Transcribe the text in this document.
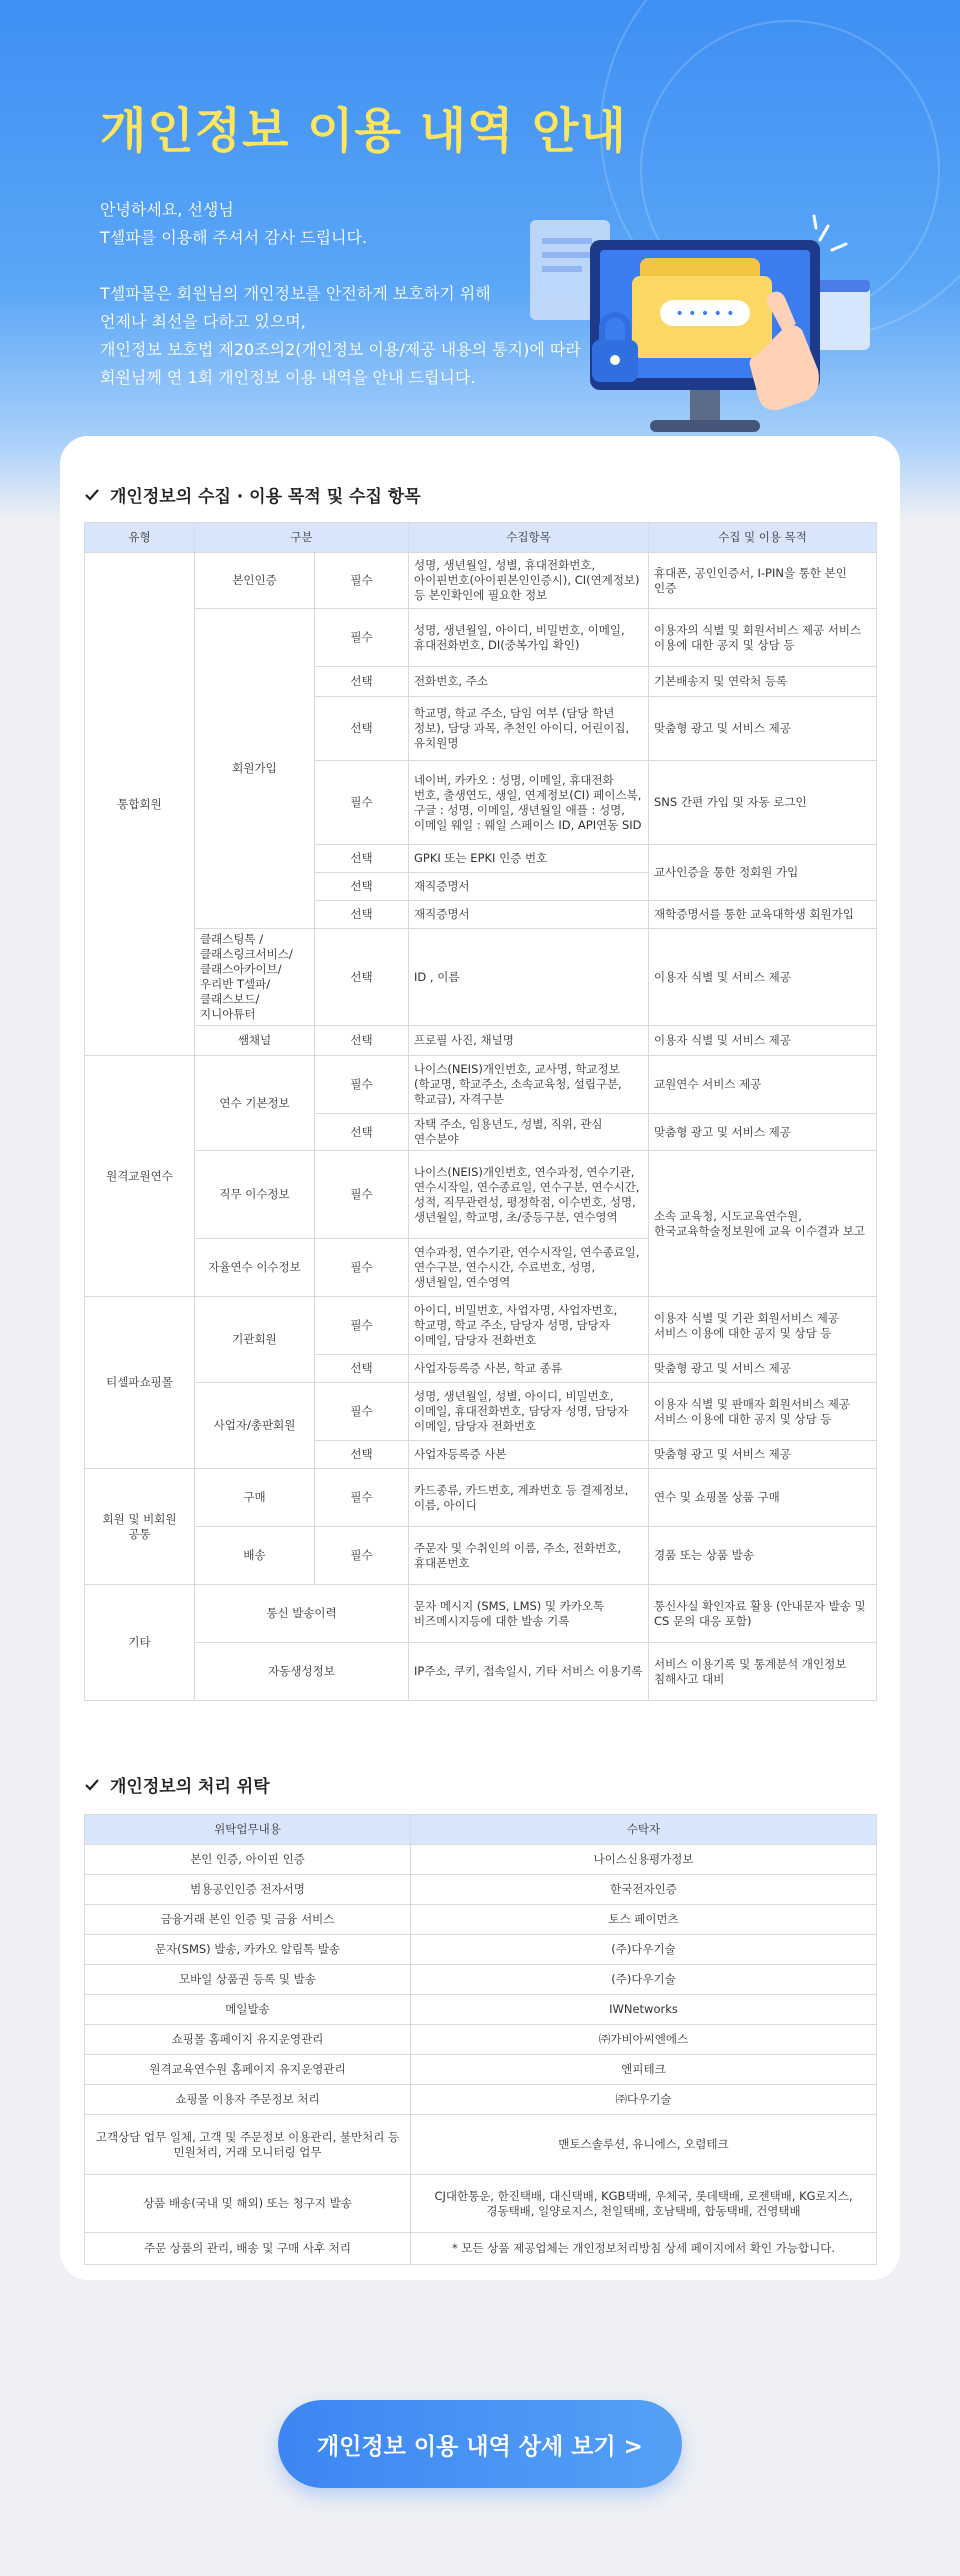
개인정보 이용 내역 안내

안녕하세요, 선생님

T셀파를 이용해 주셔서 감사 드립니다.

T셀파몰은 회원님의 개인정보를 안전하게 보호하기 위해

언제나 최선을 다하고 있으며,

개인정보 보호법 제20조의2(개인정보 이용/제공 내용의 통지)에 따라

회원님께 연 1회 개인정보 이용 내역을 안내 드립니다.

• • • • •
개인정보의 수집 · 이용 목적 및 수집 항목
유형	구분		수집항목	수집 및 이용 목적
통합회원	본인인증	필수	성명, 생년월일, 성별, 휴대전화번호, 아이핀번호(아이핀본인인증시), CI(연계정보) 등 본인확인에 필요한 정보	휴대폰, 공인인증서, I-PIN을 통한 본인 인증
	회원가입	필수	성명, 생년월일, 아이디, 비밀번호, 이메일, 휴대전화번호, DI(중복가입 확인)	이용자의 식별 및 회원서비스 제공 서비스 이용에 대한 공지 및 상담 등
		선택	전화번호, 주소	기본배송지 및 연락처 등록
		선택	학교명, 학교 주소, 담임 여부 (담당 학년 정보), 담당 과목, 추천인 아이디, 어린이집, 유치원명	맞춤형 광고 및 서비스 제공
		필수	네이버, 카카오 : 성명, 이메일, 휴대전화 번호, 출생연도, 생일, 연계정보(CI) 페이스북, 구글 : 성명, 이메일, 생년월일 애플 : 성명, 이메일 웨일 : 웨일 스페이스 ID, API연동 SID	SNS 간편 가입 및 자동 로그인
		선택	GPKI 또는 EPKI 인증 번호	교사인증을 통한 정회원 가입
		선택	재직증명서	
		선택	재직증명서	재학증명서를 통한 교육대학생 회원가입
	클래스팅톡 / 클래스링크서비스/클래스아카이브/우리반 T셀파/클래스보드/ 지니아튜터	선택	ID , 이름	이용자 식별 및 서비스 제공
	쌤채널	선택	프로필 사진, 채널명	이용자 식별 및 서비스 제공
원격교원연수	연수 기본정보	필수	나이스(NEIS)개인번호, 교사명, 학교정보 (학교명, 학교주소, 소속교육청, 설립구분, 학교급), 자격구분	교원연수 서비스 제공
		선택	자택 주소, 임용년도, 성별, 직위, 관심 연수분야	맞춤형 광고 및 서비스 제공
	직무 이수정보	필수	나이스(NEIS)개인번호, 연수과정, 연수기관, 연수시작일, 연수종료일, 연수구분, 연수시간, 성적, 직무관련성, 평정학점, 이수번호, 성명, 생년월일, 학교명, 초/중등구분, 연수영역	소속 교육청, 시도교육연수원, 한국교육학술정보원에 교육 이수결과 보고
	자율연수 이수정보	필수	연수과정, 연수기관, 연수시작일, 연수종료일, 연수구분, 연수시간, 수료번호, 성명, 생년월일, 연수영역	
티셀파쇼핑몰	기관회원	필수	아이디, 비밀번호, 사업자명, 사업자번호, 학교명, 학교 주소, 담당자 성명, 담당자 이메일, 담당자 전화번호	이용자 식별 및 기관 회원서비스 제공 서비스 이용에 대한 공지 및 상담 등
		선택	사업자등록증 사본, 학교 종류	맞춤형 광고 및 서비스 제공
	사업자/총판회원	필수	성명, 생년월일, 성별, 아이디, 비밀번호, 이메일, 휴대전화번호, 담당자 성명, 담당자 이메일, 담당자 전화번호	이용자 식별 및 판매자 회원서비스 제공 서비스 이용에 대한 공지 및 상담 등
		선택	사업자등록증 사본	맞춤형 광고 및 서비스 제공
회원 및 비회원 공통	구매	필수	카드종류, 카드번호, 계좌번호 등 결제정보, 이름, 아이디	연수 및 쇼핑몰 상품 구매
	배송	필수	주문자 및 수취인의 이름, 주소, 전화번호, 휴대폰번호	경품 또는 상품 발송
기타	통신 발송이력		문자 메시지 (SMS, LMS) 및 카카오톡 비즈메시지등에 대한 발송 기록	통신사실 확인자료 활용 (안내문자 발송 및 CS 문의 대응 포함)
	자동생성정보		IP주소, 쿠키, 접속일시, 기타 서비스 이용기록	서비스 이용기록 및 통계분석 개인정보 침해사고 대비
개인정보의 처리 위탁
위탁업무내용	수탁자
본인 인증, 아이핀 인증	나이스신용평가정보
범용공인인증 전자서명	한국전자인증
금융거래 본인 인증 및 금융 서비스	토스 페이먼츠
문자(SMS) 발송, 카카오 알림톡 발송	(주)다우기술
모바일 상품권 등록 및 발송	(주)다우기술
메일발송	IWNetworks
쇼핑몰 홈페이지 유지운영관리	㈜가비아씨엔에스
원격교육연수원 홈페이지 유지운영관리	엔피테크
쇼핑몰 이용자 주문정보 처리	㈜다우기술
고객상담 업무 일체, 고객 및 주문정보 이용관리, 불만처리 등 민원처리, 거래 모니터링 업무	맨토스솔루션, 유니에스, 오렴테크
상품 배송(국내 및 해외) 또는 청구지 발송	CJ대한통운, 한진택배, 대신택배, KGB택배, 우체국, 롯데택배, 로젠택배, KG로지스, 경동택배, 일양로지스, 천일택배, 호남택배, 합동택배, 건영택배
주문 상품의 관리, 배송 및 구매 사후 처리	* 모든 상품 제공업체는 개인정보처리방침 상세 페이지에서 확인 가능합니다.
개인정보 이용 내역 상세 보기 >
